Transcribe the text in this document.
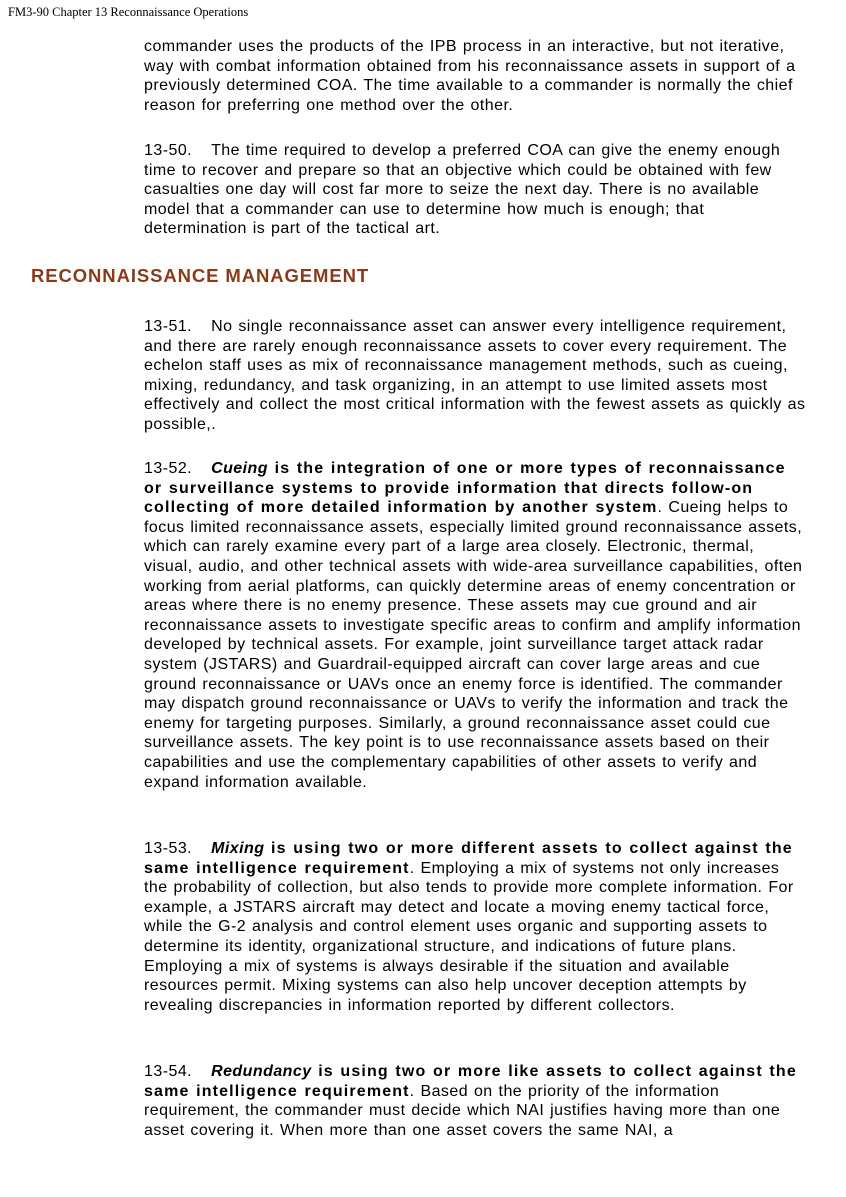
FM3-90 Chapter 13 Reconnaissance Operations

commander uses the products of the IPB process in an interactive, but not iterative, way with combat information obtained from his reconnaissance assets in support of a previously determined COA. The time available to a commander is normally the chief reason for preferring one method over the other.

13-50. The time required to develop a preferred COA can give the enemy enough time to recover and prepare so that an objective which could be obtained with few casualties one day will cost far more to seize the next day. There is no available model that a commander can use to determine how much is enough; that determination is part of the tactical art.

RECONNAISSANCE MANAGEMENT

13-51. No single reconnaissance asset can answer every intelligence requirement, and there are rarely enough reconnaissance assets to cover every requirement. The echelon staff uses as mix of reconnaissance management methods, such as cueing, mixing, redundancy, and task organizing, in an attempt to use limited assets most effectively and collect the most critical information with the fewest assets as quickly as possible,.

13-52. Cueing is the integration of one or more types of reconnaissance or surveillance systems to provide information that directs follow-on collecting of more detailed information by another system. Cueing helps to focus limited reconnaissance assets, especially limited ground reconnaissance assets, which can rarely examine every part of a large area closely. Electronic, thermal, visual, audio, and other technical assets with wide-area surveillance capabilities, often working from aerial platforms, can quickly determine areas of enemy concentration or areas where there is no enemy presence. These assets may cue ground and air reconnaissance assets to investigate specific areas to confirm and amplify information developed by technical assets. For example, joint surveillance target attack radar system (JSTARS) and Guardrail-equipped aircraft can cover large areas and cue ground reconnaissance or UAVs once an enemy force is identified. The commander may dispatch ground reconnaissance or UAVs to verify the information and track the enemy for targeting purposes. Similarly, a ground reconnaissance asset could cue surveillance assets. The key point is to use reconnaissance assets based on their capabilities and use the complementary capabilities of other assets to verify and expand information available.

13-53. Mixing is using two or more different assets to collect against the same intelligence requirement. Employing a mix of systems not only increases the probability of collection, but also tends to provide more complete information. For example, a JSTARS aircraft may detect and locate a moving enemy tactical force, while the G-2 analysis and control element uses organic and supporting assets to determine its identity, organizational structure, and indications of future plans. Employing a mix of systems is always desirable if the situation and available resources permit. Mixing systems can also help uncover deception attempts by revealing discrepancies in information reported by different collectors.

13-54. Redundancy is using two or more like assets to collect against the same intelligence requirement. Based on the priority of the information requirement, the commander must decide which NAI justifies having more than one asset covering it. When more than one asset covers the same NAI, a
